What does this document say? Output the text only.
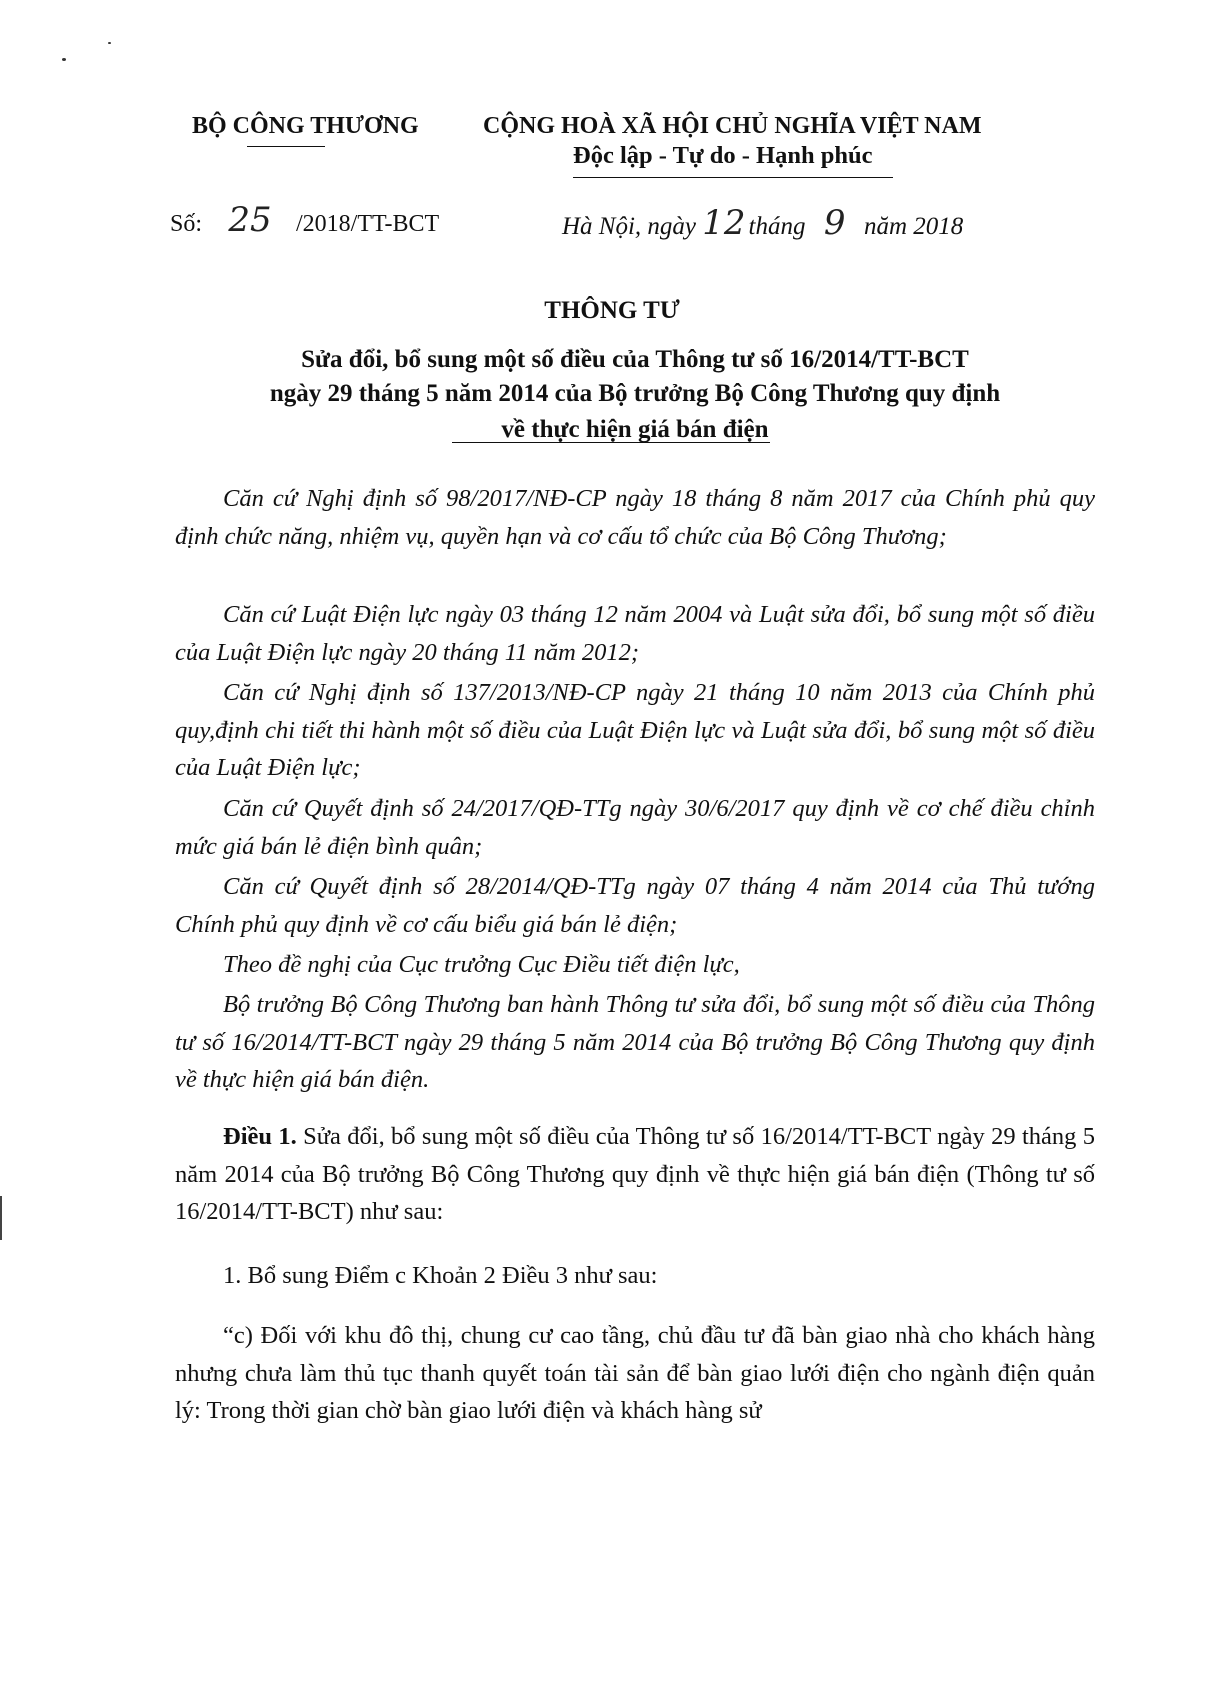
BỘ CÔNG THƯƠNG	CỘNG HOÀ XÃ HỘI CHỦ NGHĨA VIỆT NAM
Độc lập - Tự do - Hạnh phúc
Số: 25 /2018/TT-BCT	Hà Nội, ngày 12 tháng 9 năm 2018
THÔNG TƯ
Sửa đổi, bổ sung một số điều của Thông tư số 16/2014/TT-BCT
ngày 29 tháng 5 năm 2014 của Bộ trưởng Bộ Công Thương quy định
về thực hiện giá bán điện

Căn cứ Nghị định số 98/2017/NĐ-CP ngày 18 tháng 8 năm 2017 của Chính phủ quy định chức năng, nhiệm vụ, quyền hạn và cơ cấu tổ chức của Bộ Công Thương;

Căn cứ Luật Điện lực ngày 03 tháng 12 năm 2004 và Luật sửa đổi, bổ sung một số điều của Luật Điện lực ngày 20 tháng 11 năm 2012;

Căn cứ Nghị định số 137/2013/NĐ-CP ngày 21 tháng 10 năm 2013 của Chính phủ quy,định chi tiết thi hành một số điều của Luật Điện lực và Luật sửa đổi, bổ sung một số điều của Luật Điện lực;

Căn cứ Quyết định số 24/2017/QĐ-TTg ngày 30/6/2017 quy định về cơ chế điều chỉnh mức giá bán lẻ điện bình quân;

Căn cứ Quyết định số 28/2014/QĐ-TTg ngày 07 tháng 4 năm 2014 của Thủ tướng Chính phủ quy định về cơ cấu biểu giá bán lẻ điện;

Theo đề nghị của Cục trưởng Cục Điều tiết điện lực,

Bộ trưởng Bộ Công Thương ban hành Thông tư sửa đổi, bổ sung một số điều của Thông tư số 16/2014/TT-BCT ngày 29 tháng 5 năm 2014 của Bộ trưởng Bộ Công Thương quy định về thực hiện giá bán điện.

Điều 1. Sửa đổi, bổ sung một số điều của Thông tư số 16/2014/TT-BCT ngày 29 tháng 5 năm 2014 của Bộ trưởng Bộ Công Thương quy định về thực hiện giá bán điện (Thông tư số 16/2014/TT-BCT) như sau:

1. Bổ sung Điểm c Khoản 2 Điều 3 như sau:

“c) Đối với khu đô thị, chung cư cao tầng, chủ đầu tư đã bàn giao nhà cho khách hàng nhưng chưa làm thủ tục thanh quyết toán tài sản để bàn giao lưới điện cho ngành điện quản lý: Trong thời gian chờ bàn giao lưới điện và khách hàng sử
